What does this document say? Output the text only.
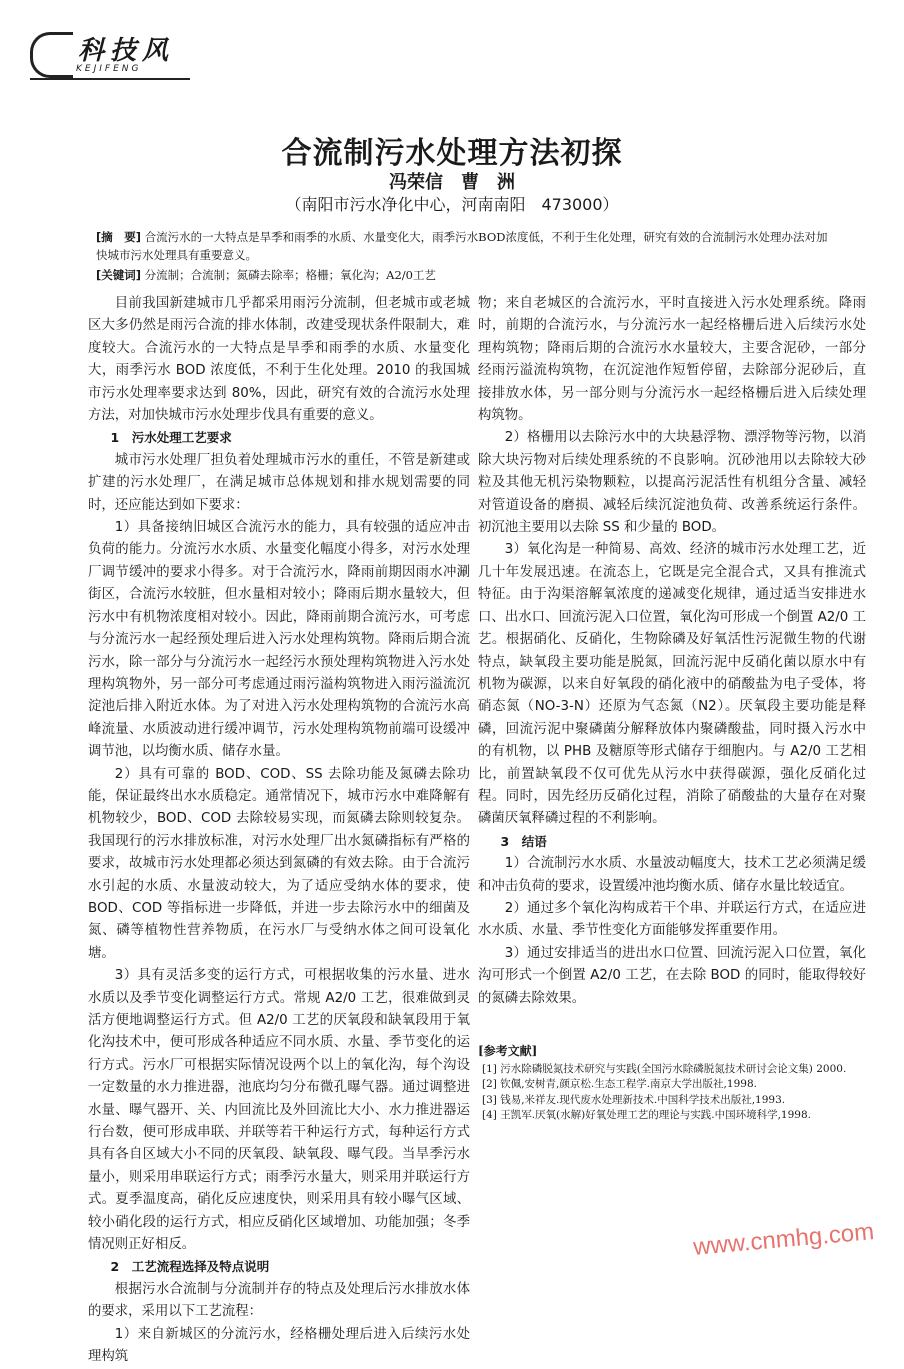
科技风
KEJIFENG
合流制污水处理方法初探
冯荣信　曹　洲
（南阳市污水净化中心，河南南阳　473000）
[摘　要] 合流污水的一大特点是旱季和雨季的水质、水量变化大，雨季污水BOD浓度低，不利于生化处理，研究有效的合流制污水处理办法对加快城市污水处理具有重要意义。
[关键词] 分流制；合流制；氮磷去除率；格栅；氧化沟；A2/0工艺

目前我国新建城市几乎都采用雨污分流制，但老城市或老城区大多仍然是雨污合流的排水体制，改建受现状条件限制大，难度较大。合流污水的一大特点是旱季和雨季的水质、水量变化大，雨季污水 BOD 浓度低，不利于生化处理。2010 的我国城市污水处理率要求达到 80%，因此，研究有效的合流污水处理方法，对加快城市污水处理步伐具有重要的意义。

1　污水处理工艺要求

城市污水处理厂担负着处理城市污水的重任，不管是新建或扩建的污水处理厂，在满足城市总体规划和排水规划需要的同时，还应能达到如下要求：

1）具备接纳旧城区合流污水的能力，具有较强的适应冲击负荷的能力。分流污水水质、水量变化幅度小得多，对污水处理厂调节缓冲的要求小得多。对于合流污水，降雨前期因雨水冲涮街区，合流污水较脏，但水量相对较小；降雨后期水量较大，但污水中有机物浓度相对较小。因此，降雨前期合流污水，可考虑与分流污水一起经预处理后进入污水处理构筑物。降雨后期合流污水，除一部分与分流污水一起经污水预处理构筑物进入污水处理构筑物外，另一部分可考虑通过雨污溢构筑物进入雨污溢流沉淀池后排入附近水体。为了对进入污水处理构筑物的合流污水高峰流量、水质波动进行缓冲调节，污水处理构筑物前端可设缓冲调节池，以均衡水质、储存水量。

2）具有可靠的 BOD、COD、SS 去除功能及氮磷去除功能，保证最终出水水质稳定。通常情况下，城市污水中难降解有机物较少，BOD、COD 去除较易实现，而氮磷去除则较复杂。我国现行的污水排放标准，对污水处理厂出水氮磷指标有严格的要求，故城市污水处理都必须达到氮磷的有效去除。由于合流污水引起的水质、水量波动较大，为了适应受纳水体的要求，使 BOD、COD 等指标进一步降低，并进一步去除污水中的细菌及氮、磷等植物性营养物质，在污水厂与受纳水体之间可设氧化塘。

3）具有灵活多变的运行方式，可根据收集的污水量、进水水质以及季节变化调整运行方式。常规 A2/0 工艺，很难做到灵活方便地调整运行方式。但 A2/0 工艺的厌氧段和缺氧段用于氧化沟技术中，便可形成各种适应不同水质、水量、季节变化的运行方式。污水厂可根据实际情况设两个以上的氧化沟，每个沟设一定数量的水力推进器，池底均匀分布微孔曝气器。通过调整进水量、曝气器开、关、内回流比及外回流比大小、水力推进器运行台数，便可形成串联、并联等若干种运行方式，每种运行方式具有各自区域大小不同的厌氧段、缺氧段、曝气段。当旱季污水量小，则采用串联运行方式；雨季污水量大，则采用并联运行方式。夏季温度高，硝化反应速度快，则采用具有较小曝气区域、较小硝化段的运行方式，相应反硝化区域增加、功能加强；冬季情况则正好相反。

2　工艺流程选择及特点说明

根据污水合流制与分流制并存的特点及处理后污水排放水体的要求，采用以下工艺流程：

1）来自新城区的分流污水，经格栅处理后进入后续污水处理构筑

物；来自老城区的合流污水，平时直接进入污水处理系统。降雨时，前期的合流污水，与分流污水一起经格栅后进入后续污水处理构筑物；降雨后期的合流污水水量较大，主要含泥砂，一部分经雨污溢流构筑物，在沉淀池作短暂停留，去除部分泥砂后，直接排放水体，另一部分则与分流污水一起经格栅后进入后续处理构筑物。

2）格栅用以去除污水中的大块悬浮物、漂浮物等污物，以消除大块污物对后续处理系统的不良影响。沉砂池用以去除较大砂粒及其他无机污染物颗粒，以提高污泥活性有机组分含量、减轻对管道设备的磨损、减轻后续沉淀池负荷、改善系统运行条件。初沉池主要用以去除 SS 和少量的 BOD。

3）氧化沟是一种简易、高效、经济的城市污水处理工艺，近几十年发展迅速。在流态上，它既是完全混合式，又具有推流式特征。由于沟渠溶解氧浓度的递减变化规律，通过适当安排进水口、出水口、回流污泥入口位置，氧化沟可形成一个倒置 A2/0 工艺。根据硝化、反硝化，生物除磷及好氧活性污泥微生物的代谢特点，缺氧段主要功能是脱氮，回流污泥中反硝化菌以原水中有机物为碳源，以来自好氧段的硝化液中的硝酸盐为电子受体，将硝态氮（NO-3-N）还原为气态氮（N2）。厌氧段主要功能是释磷，回流污泥中聚磷菌分解释放体内聚磷酸盐，同时摄入污水中的有机物，以 PHB 及糖原等形式储存于细胞内。与 A2/0 工艺相比，前置缺氧段不仅可优先从污水中获得碳源，强化反硝化过程。同时，因先经历反硝化过程，消除了硝酸盐的大量存在对聚磷菌厌氧释磷过程的不利影响。

3　结语

1）合流制污水水质、水量波动幅度大，技术工艺必须满足缓和冲击负荷的要求，设置缓冲池均衡水质、储存水量比较适宜。

2）通过多个氧化沟构成若干个串、并联运行方式，在适应进水水质、水量、季节性变化方面能够发挥重要作用。

3）通过安排适当的进出水口位置、回流污泥入口位置，氧化沟可形式一个倒置 A2/0 工艺，在去除 BOD 的同时，能取得较好的氮磷去除效果。

[参考文献]
[1] 污水除磷脱氮技术研究与实践(全国污水除磷脱氮技术研讨会论文集) 2000.
[2] 钦佩,安树青,颜京松.生态工程学.南京大学出版社,1998.
[3] 钱易,米祥友.现代废水处理新技术.中国科学技术出版社,1993.
[4] 王凯军.厌氧(水解)好氧处理工艺的理论与实践.中国环境科学,1998.
www.cnmhg.com
